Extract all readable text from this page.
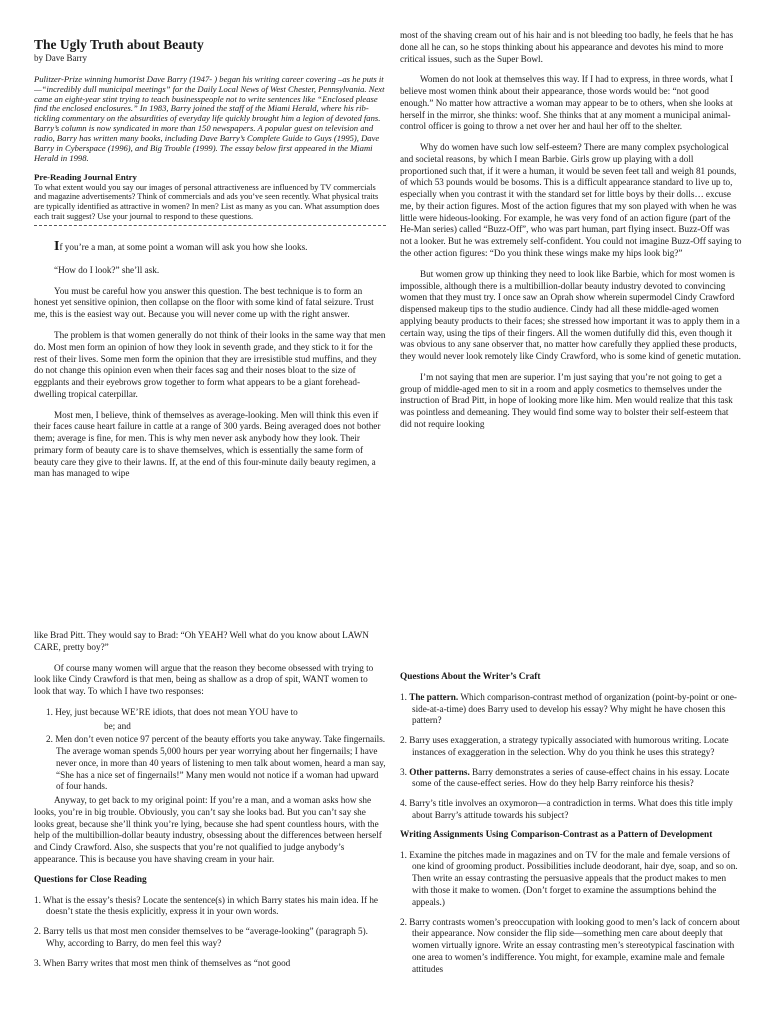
The Ugly Truth about Beauty
by Dave Barry

Pulitzer-Prize winning humorist Dave Barry (1947- ) began his writing career covering –as he puts it—“incredibly dull municipal meetings” for the Daily Local News of West Chester, Pennsylvania. Next came an eight-year stint trying to teach businesspeople not to write sentences like “Enclosed please find the enclosed enclosures.” In 1983, Barry joined the staff of the Miami Herald, where his rib-tickling commentary on the absurdities of everyday life quickly brought him a legion of devoted fans. Barry’s column is now syndicated in more than 150 newspapers. A popular guest on television and radio, Barry has written many books, including Dave Barry’s Complete Guide to Guys (1995), Dave Barry in Cyberspace (1996), and Big Trouble (1999). The essay below first appeared in the Miami Herald in 1998.

Pre-Reading Journal Entry

To what extent would you say our images of personal attractiveness are influenced by TV commercials and magazine advertisements? Think of commercials and ads you’ve seen recently. What physical traits are typically identified as attractive in women? In men? List as many as you can. What assumption does each trait suggest? Use your journal to respond to these questions.

If you’re a man, at some point a woman will ask you how she looks.

“How do I look?” she’ll ask.

You must be careful how you answer this question. The best technique is to form an honest yet sensitive opinion, then collapse on the floor with some kind of fatal seizure. Trust me, this is the easiest way out. Because you will never come up with the right answer.

The problem is that women generally do not think of their looks in the same way that men do. Most men form an opinion of how they look in seventh grade, and they stick to it for the rest of their lives. Some men form the opinion that they are irresistible stud muffins, and they do not change this opinion even when their faces sag and their noses bloat to the size of eggplants and their eyebrows grow together to form what appears to be a giant forehead-dwelling tropical caterpillar.

Most men, I believe, think of themselves as average-looking. Men will think this even if their faces cause heart failure in cattle at a range of 300 yards. Being averaged does not bother them; average is fine, for men. This is why men never ask anybody how they look. Their primary form of beauty care is to shave themselves, which is essentially the same form of beauty care they give to their lawns. If, at the end of this four-minute daily beauty regimen, a man has managed to wipe

most of the shaving cream out of his hair and is not bleeding too badly, he feels that he has done all he can, so he stops thinking about his appearance and devotes his mind to more critical issues, such as the Super Bowl.

Women do not look at themselves this way. If I had to express, in three words, what I believe most women think about their appearance, those words would be: “not good enough.” No matter how attractive a woman may appear to be to others, when she looks at herself in the mirror, she thinks: woof. She thinks that at any moment a municipal animal-control officer is going to throw a net over her and haul her off to the shelter.

Why do women have such low self-esteem? There are many complex psychological and societal reasons, by which I mean Barbie. Girls grow up playing with a doll proportioned such that, if it were a human, it would be seven feet tall and weigh 81 pounds, of which 53 pounds would be bosoms. This is a difficult appearance standard to live up to, especially when you contrast it with the standard set for little boys by their dolls… excuse me, by their action figures. Most of the action figures that my son played with when he was little were hideous-looking. For example, he was very fond of an action figure (part of the He-Man series) called “Buzz-Off”, who was part human, part flying insect. Buzz-Off was not a looker. But he was extremely self-confident. You could not imagine Buzz-Off saying to the other action figures: “Do you think these wings make my hips look big?”

But women grow up thinking they need to look like Barbie, which for most women is impossible, although there is a multibillion-dollar beauty industry devoted to convincing women that they must try. I once saw an Oprah show wherein supermodel Cindy Crawford dispensed makeup tips to the studio audience. Cindy had all these middle-aged women applying beauty products to their faces; she stressed how important it was to apply them in a certain way, using the tips of their fingers. All the women dutifully did this, even though it was obvious to any sane observer that, no matter how carefully they applied these products, they would never look remotely like Cindy Crawford, who is some kind of genetic mutation.

I’m not saying that men are superior. I’m just saying that you’re not going to get a group of middle-aged men to sit in a room and apply cosmetics to themselves under the instruction of Brad Pitt, in hope of looking more like him. Men would realize that this task was pointless and demeaning. They would find some way to bolster their self-esteem that did not require looking

like Brad Pitt. They would say to Brad: “Oh YEAH? Well what do you know about LAWN CARE, pretty boy?”

Of course many women will argue that the reason they become obsessed with trying to look like Cindy Crawford is that men, being as shallow as a drop of spit, WANT women to look that way. To which I have two responses:

1. Hey, just because WE’RE idiots, that does not mean YOU have to
be; and

2. Men don’t even notice 97 percent of the beauty efforts you take anyway. Take fingernails. The average woman spends 5,000 hours per year worrying about her fingernails; I have never once, in more than 40 years of listening to men talk about women, heard a man say, “She has a nice set of fingernails!” Many men would not notice if a woman had upward of four hands.

Anyway, to get back to my original point: If you’re a man, and a woman asks how she looks, you’re in big trouble. Obviously, you can’t say she looks bad. But you can’t say she looks great, because she’ll think you’re lying, because she had spent countless hours, with the help of the multibillion-dollar beauty industry, obsessing about the differences between herself and Cindy Crawford. Also, she suspects that you’re not qualified to judge anybody’s appearance. This is because you have shaving cream in your hair.

Questions for Close Reading

1. What is the essay’s thesis? Locate the sentence(s) in which Barry states his main idea. If he doesn’t state the thesis explicitly, express it in your own words.

2. Barry tells us that most men consider themselves to be “average-looking” (paragraph 5). Why, according to Barry, do men feel this way?

3. When Barry writes that most men think of themselves as “not good

Questions About the Writer’s Craft

1. The pattern. Which comparison-contrast method of organization (point-by-point or one-side-at-a-time) does Barry used to develop his essay? Why might he have chosen this pattern?

2. Barry uses exaggeration, a strategy typically associated with humorous writing. Locate instances of exaggeration in the selection. Why do you think he uses this strategy?

3. Other patterns. Barry demonstrates a series of cause-effect chains in his essay. Locate some of the cause-effect series. How do they help Barry reinforce his thesis?

4. Barry’s title involves an oxymoron—a contradiction in terms. What does this title imply about Barry’s attitude towards his subject?

Writing Assignments Using Comparison-Contrast as a Pattern of Development

1. Examine the pitches made in magazines and on TV for the male and female versions of one kind of grooming product. Possibilities include deodorant, hair dye, soap, and so on. Then write an essay contrasting the persuasive appeals that the product makes to men with those it make to women. (Don’t forget to examine the assumptions behind the appeals.)

2. Barry contrasts women’s preoccupation with looking good to men’s lack of concern about their appearance. Now consider the flip side—something men care about deeply that women virtually ignore. Write an essay contrasting men’s stereotypical fascination with one area to women’s indifference. You might, for example, examine male and female attitudes
